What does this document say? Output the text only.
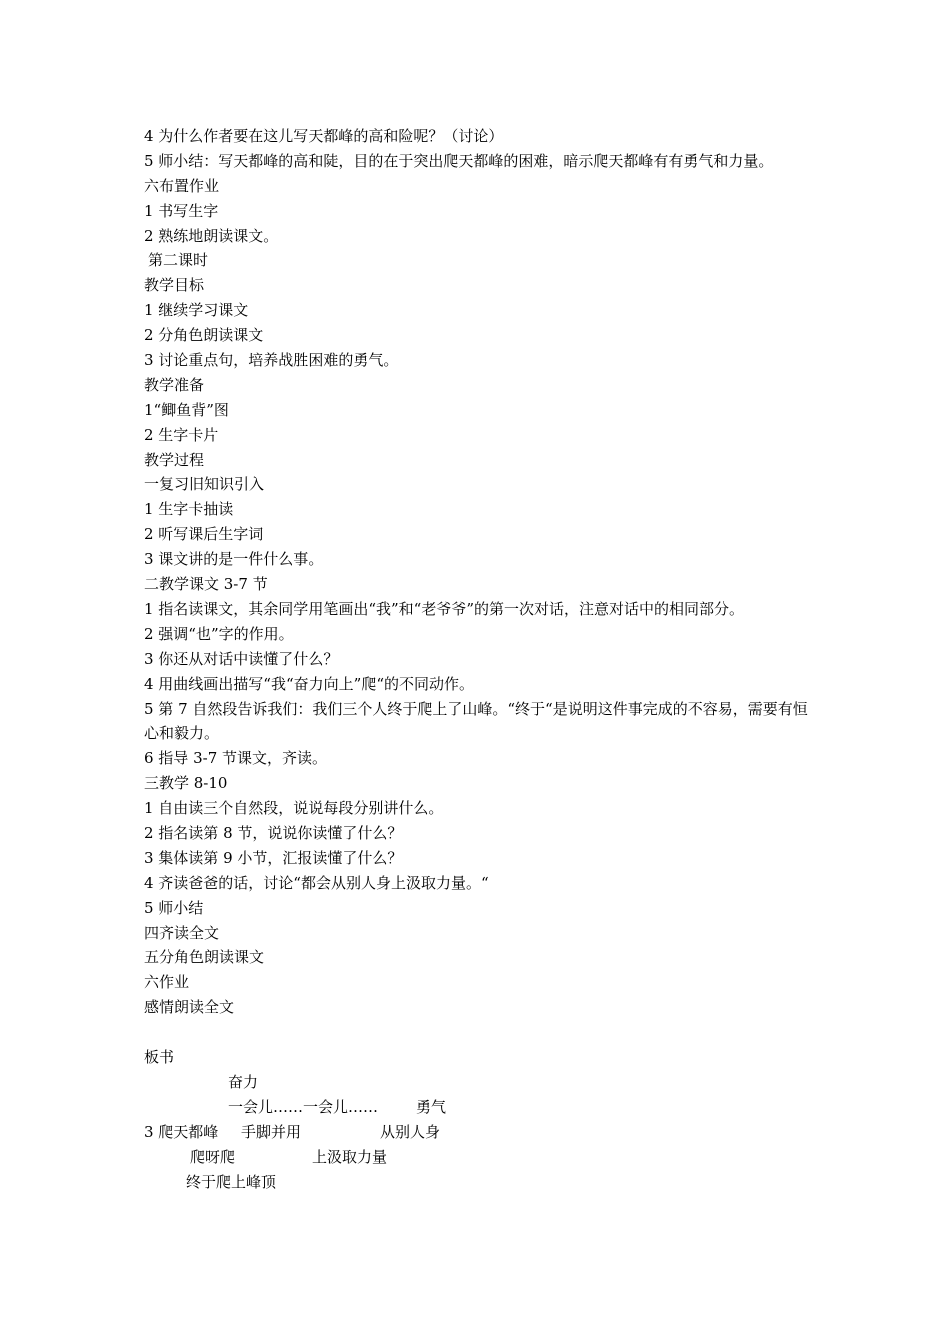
4 为什么作者要在这儿写天都峰的高和险呢？（讨论）
5 师小结：写天都峰的高和陡，目的在于突出爬天都峰的困难，暗示爬天都峰有有勇气和力量。
六布置作业
1 书写生字
2 熟练地朗读课文。
第二课时
教学目标
1 继续学习课文
2 分角色朗读课文
3 讨论重点句，培养战胜困难的勇气。
教学准备
1“鲫鱼背”图
2 生字卡片
教学过程
一复习旧知识引入
1 生字卡抽读
2 听写课后生字词
3 课文讲的是一件什么事。
二教学课文 3-7 节
1 指名读课文，其余同学用笔画出“我”和“老爷爷”的第一次对话，注意对话中的相同部分。
2 强调“也”字的作用。
3 你还从对话中读懂了什么？
4 用曲线画出描写“我“奋力向上”爬“的不同动作。
5 第 7 自然段告诉我们：我们三个人终于爬上了山峰。“终于“是说明这件事完成的不容易，需要有恒心和毅力。
6 指导 3-7 节课文，齐读。
三教学 8-10
1 自由读三个自然段，说说每段分别讲什么。
2 指名读第 8 节，说说你读懂了什么？
3 集体读第 9 小节，汇报读懂了什么？
4 齐读爸爸的话，讨论“都会从别人身上汲取力量。“
5 师小结
四齐读全文
五分角色朗读课文
六作业
感情朗读全文
板书
奋力
一会儿……一会儿……	勇气
3 爬天都峰 手脚并用	从别人身
爬呀爬	上汲取力量
终于爬上峰顶
